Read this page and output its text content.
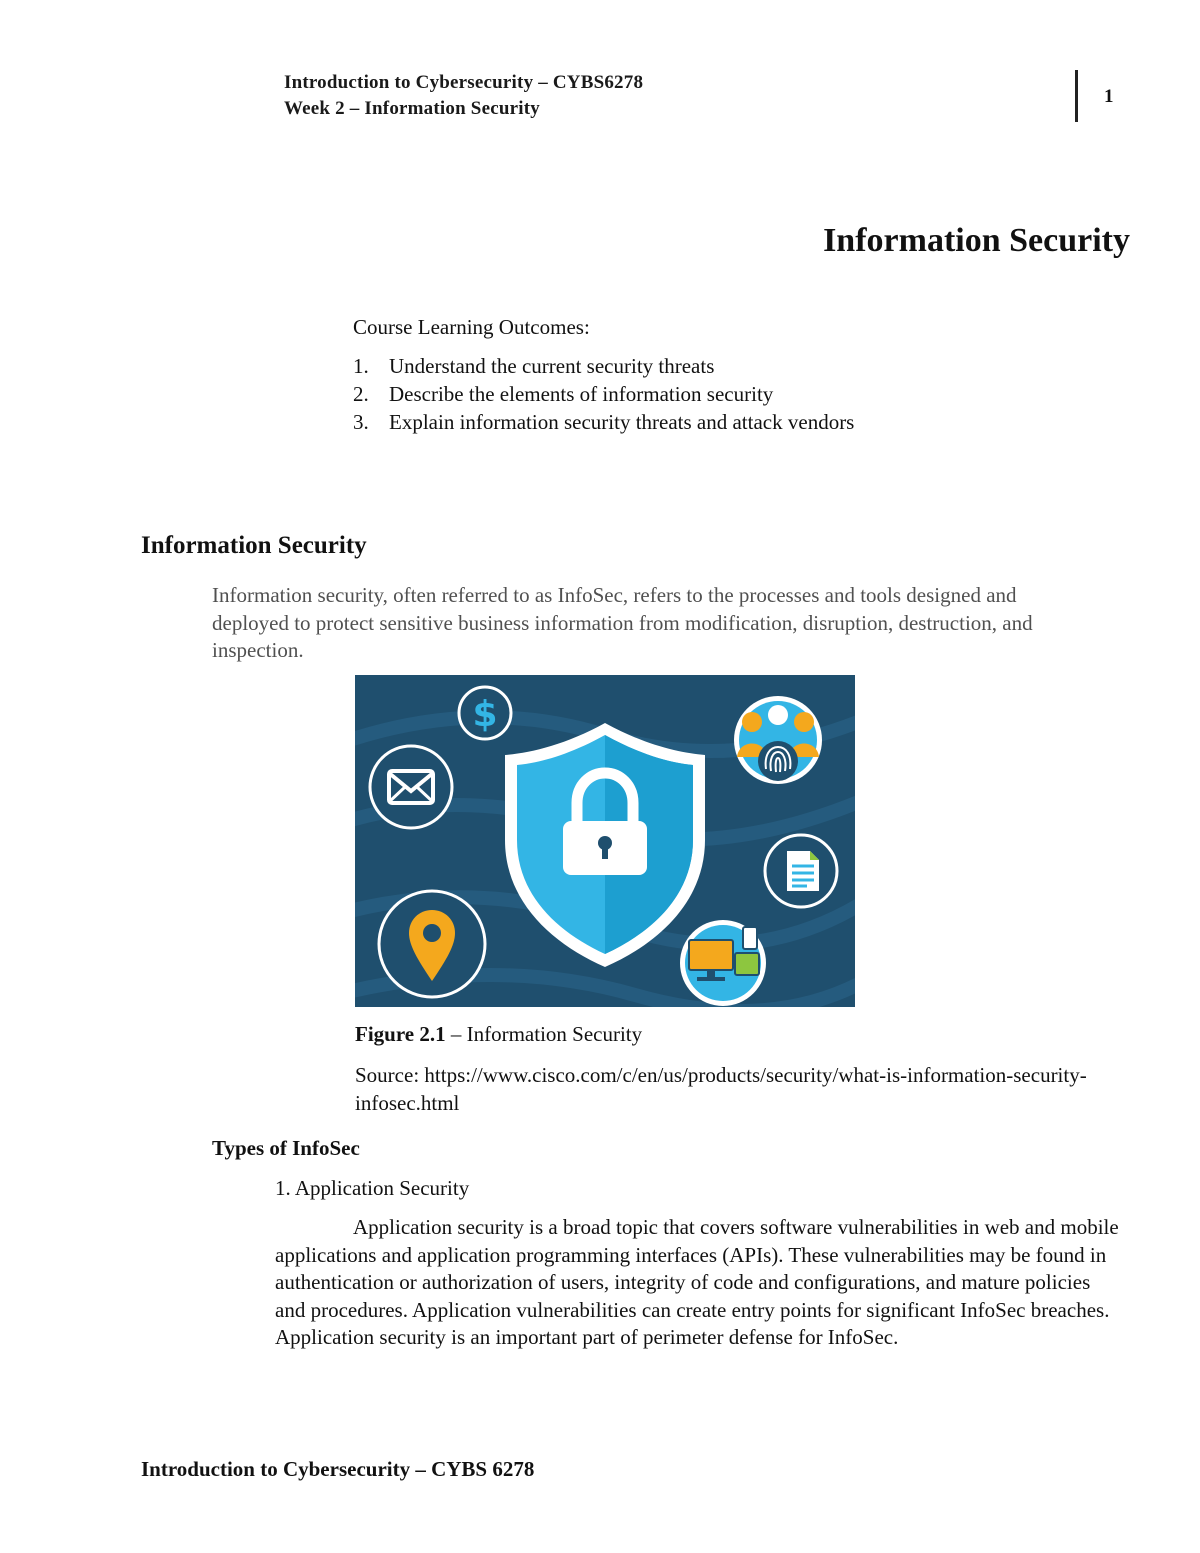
Introduction to Cybersecurity – CYBS6278
Week 2 – Information Security
1
Information Security
Course Learning Outcomes:
1. Understand the current security threats
2. Describe the elements of information security
3. Explain information security threats and attack vendors
Information Security

Information security, often referred to as InfoSec, refers to the processes and tools designed and deployed to protect sensitive business information from modification, disruption, destruction, and inspection.

$
Figure 2.1 – Information Security

Source: https://www.cisco.com/c/en/us/products/security/what-is-information-security-infosec.html

Types of InfoSec
1. Application Security

Application security is a broad topic that covers software vulnerabilities in web and mobile applications and application programming interfaces (APIs). These vulnerabilities may be found in authentication or authorization of users, integrity of code and configurations, and mature policies and procedures. Application vulnerabilities can create entry points for significant InfoSec breaches. Application security is an important part of perimeter defense for InfoSec.

Introduction to Cybersecurity – CYBS 6278
